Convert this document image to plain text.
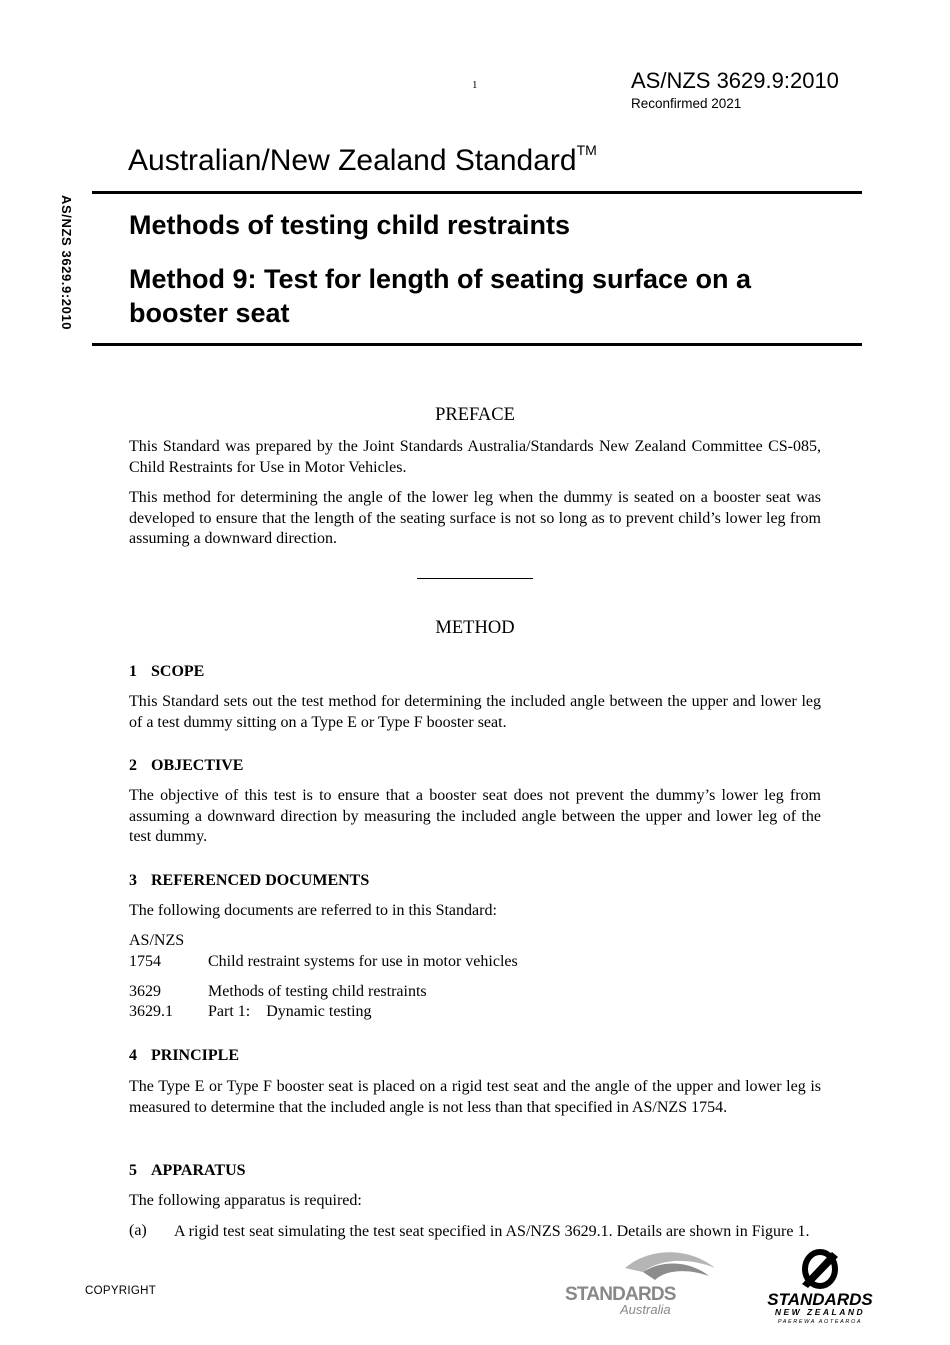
1	AS/NZS 3629.9:2010
Reconfirmed 2021
AS/NZS 3629.9:2010
Australian/New Zealand Standard™
Methods of testing child restraints
Method 9: Test for length of seating surface on a booster seat
PREFACE
This Standard was prepared by the Joint Standards Australia/Standards New Zealand Committee CS-085, Child Restraints for Use in Motor Vehicles.
This method for determining the angle of the lower leg when the dummy is seated on a booster seat was developed to ensure that the length of the seating surface is not so long as to prevent child’s lower leg from assuming a downward direction.
METHOD
1 SCOPE
This Standard sets out the test method for determining the included angle between the upper and lower leg of a test dummy sitting on a Type E or Type F booster seat.
2 OBJECTIVE
The objective of this test is to ensure that a booster seat does not prevent the dummy’s lower leg from assuming a downward direction by measuring the included angle between the upper and lower leg of the test dummy.
3 REFERENCED DOCUMENTS
The following documents are referred to in this Standard:
AS/NZS
1754	Child restraint systems for use in motor vehicles
3629	Methods of testing child restraints
3629.1 Part 1:    Dynamic testing
4 PRINCIPLE
The Type E or Type F booster seat is placed on a rigid test seat and the angle of the upper and lower leg is measured to determine that the included angle is not less than that specified in AS/NZS 1754.
5 APPARATUS
The following apparatus is required:
(a) A rigid test seat simulating the test seat specified in AS/NZS 3629.1. Details are shown in Figure 1.
COPYRIGHT	STANDARDS
Australia
STANDARDS
NEW ZEALAND
PAEREWA AOTEAROA
